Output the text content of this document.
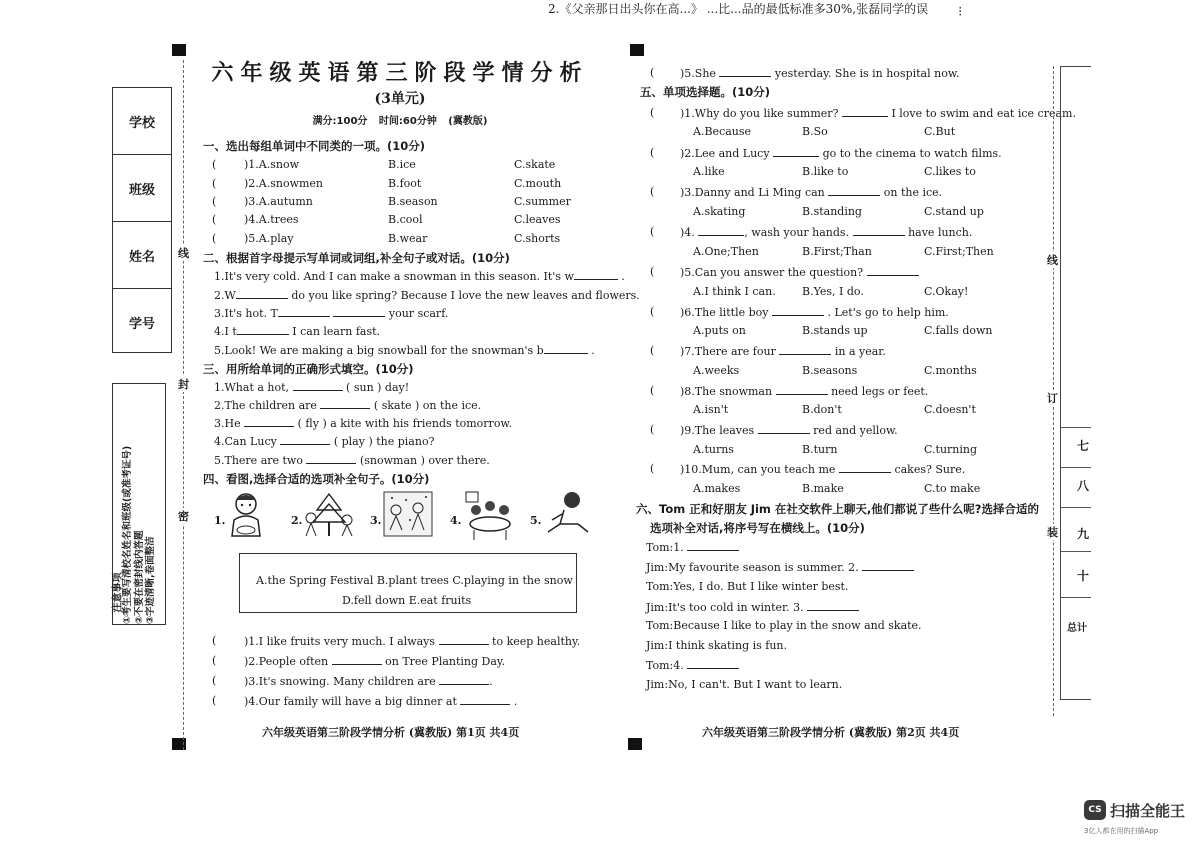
2.《父亲那日出头你在高...》 ...比...品的最低标准多30%,张磊同学的误 ⁝
学校
班级
姓名
学号
①考生要写清校名姓名和班级(或准考证号) ②不要在密封线内答题 ③字迹清晰,卷面整洁
注意事项
线
封
密
六年级英语第三阶段学情分析
(3单元)
满分:100分 时间:60分钟 (冀教版)
一、选出每组单词中不同类的一项。(10分)
(	)1.A.snow	B.ice	C.skate
(	)2.A.snowmen	B.foot	C.mouth
(	)3.A.autumn	B.season	C.summer
(	)4.A.trees	B.cool	C.leaves
(	)5.A.play	B.wear	C.shorts
二、根据首字母提示写单词或词组,补全句子或对话。(10分)
1.It's very cold. And I can make a snowman in this season. It's w	.
2.W	do you like spring? Because I love the new leaves and flowers.
3.It's hot. T	your scarf.
4.I t	I can learn fast.
5.Look! We are making a big snowball for the snowman's b	.
三、用所给单词的正确形式填空。(10分)
1.What a hot,	( sun ) day!
2.The children are	( skate ) on the ice.
3.He	( fly ) a kite with his friends tomorrow.
4.Can Lucy	( play ) the piano?
5.There are two	(snowman ) over there.
四、看图,选择合适的选项补全句子。(10分)
1.	2.	3.	4.	5.
A.the Spring Festival B.plant trees C.playing in the snow
D.fell down E.eat fruits
(	)1.I like fruits very much. I always	to keep healthy.
(	)2.People often	on Tree Planting Day.
(	)3.It's snowing. Many children are	.
(	)4.Our family will have a big dinner at	.
六年级英语第三阶段学情分析 (冀教版) 第1页 共4页
( )5.She	yesterday. She is in hospital now.
五、单项选择题。(10分)
( )1.Why do you like summer?	I love to swim and eat ice cream.
A.Because	B.So	C.But
( )2.Lee and Lucy	go to the cinema to watch films.
A.like	B.like to	C.likes to
( )3.Danny and Li Ming can	on the ice.
A.skating	B.standing	C.stand up
( )4.	, wash your hands.	have lunch.
A.One;Then	B.First;Than	C.First;Then
( )5.Can you answer the question?
A.I think I can. B.Yes, I do.	C.Okay!
( )6.The little boy	. Let's go to help him.
A.puts on	B.stands up	C.falls down
( )7.There are four	in a year.
A.weeks	B.seasons	C.months
( )8.The snowman	need legs or feet.
A.isn't	B.don't	C.doesn't
( )9.The leaves	red and yellow.
A.turns	B.turn	C.turning
( )10.Mum, can you teach me	cakes? Sure.
A.makes	B.make	C.to make
六、Tom 正和好朋友 Jim 在社交软件上聊天,他们都说了些什么呢?选择合适的
选项补全对话,将序号写在横线上。(10分)
Tom:1.
Jim:My favourite season is summer. 2.
Tom:Yes, I do. But I like winter best.
Jim:It's too cold in winter. 3.
Tom:Because I like to play in the snow and skate.
Jim:I think skating is fun.
Tom:4.
Jim:No, I can't. But I want to learn.
六年级英语第三阶段学情分析 (冀教版) 第2页 共4页
线
订
装
七
八
九
十
总计
CS 扫描全能王
3亿人都在用的扫描App
